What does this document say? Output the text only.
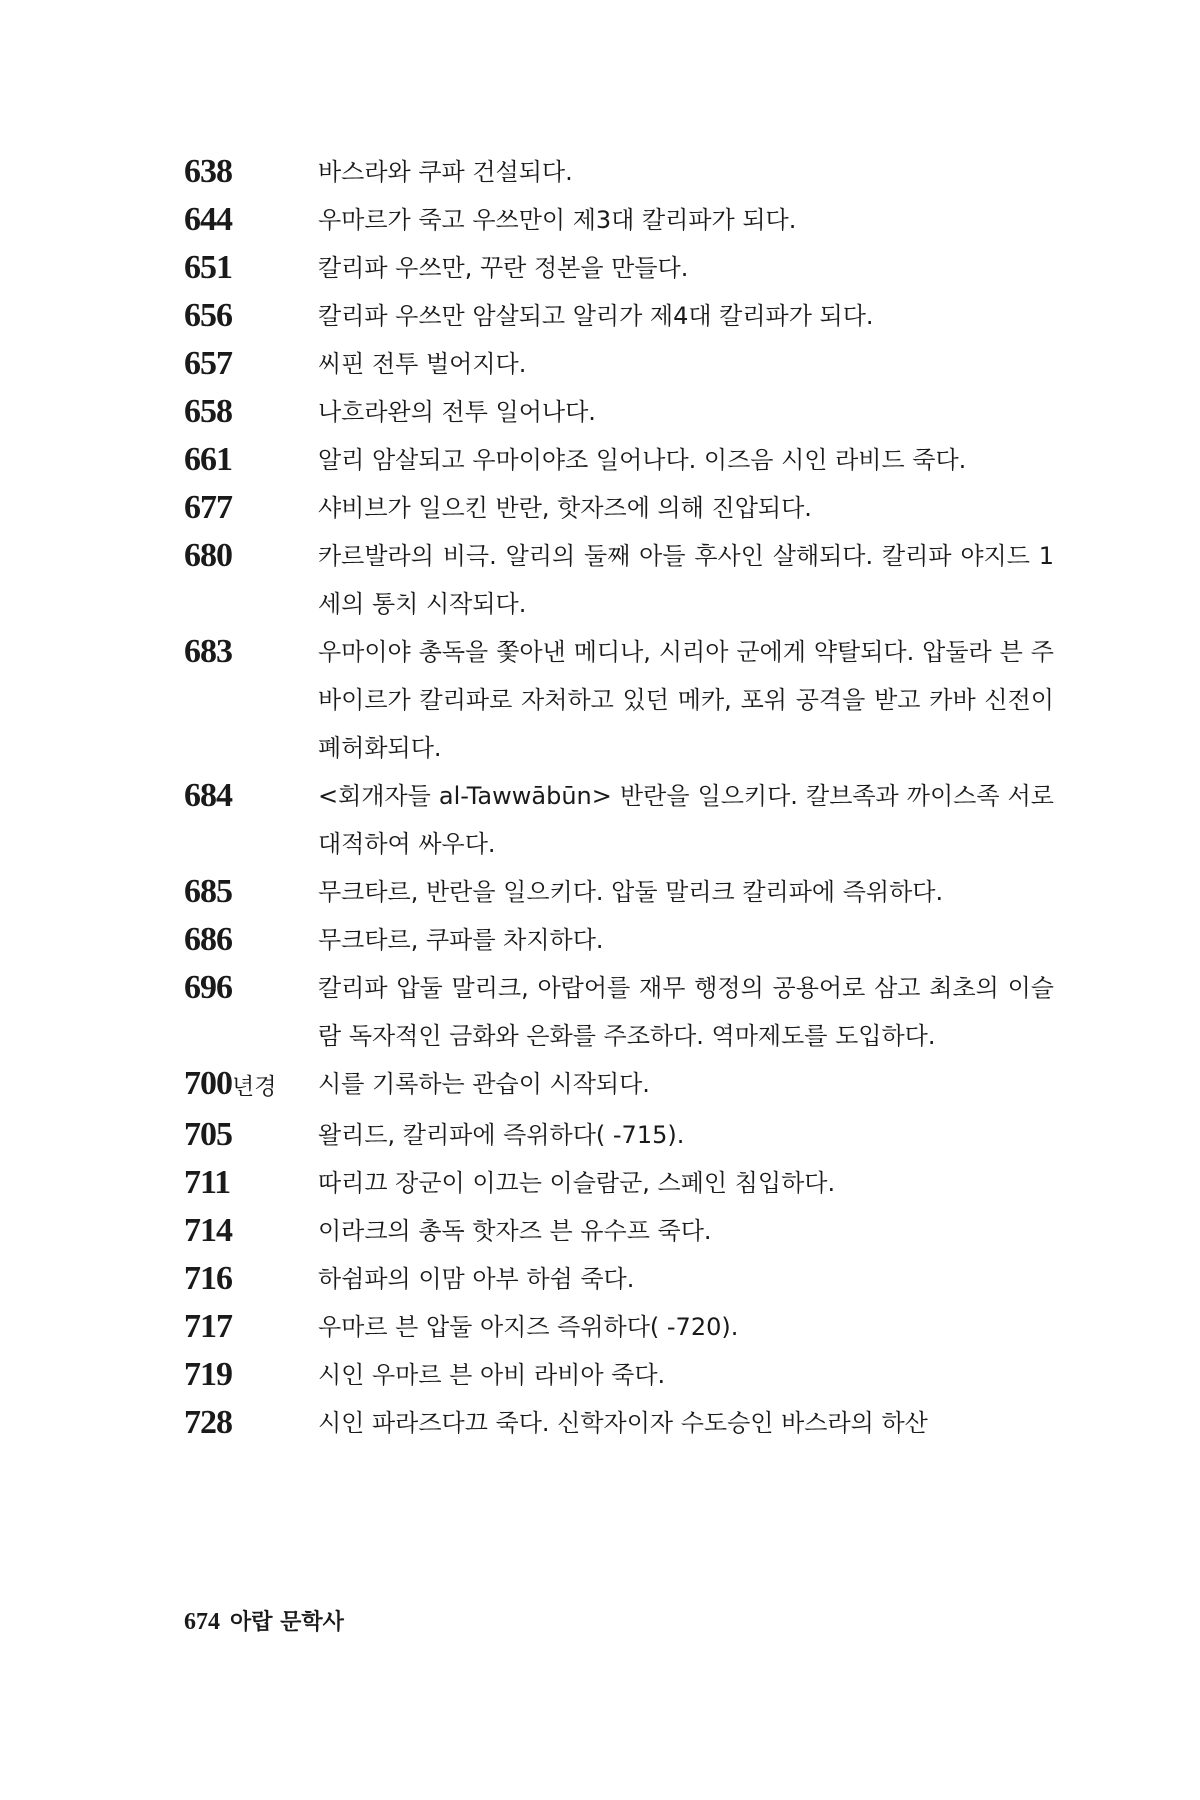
638	바스라와 쿠파 건설되다.
644	우마르가 죽고 우쓰만이 제3대 칼리파가 되다.
651	칼리파 우쓰만, 꾸란 정본을 만들다.
656	칼리파 우쓰만 암살되고 알리가 제4대 칼리파가 되다.
657	씨핀 전투 벌어지다.
658	나흐라완의 전투 일어나다.
661	알리 암살되고 우마이야조 일어나다. 이즈음 시인 라비드 죽다.
677	샤비브가 일으킨 반란, 핫자즈에 의해 진압되다.
680	카르발라의 비극. 알리의 둘째 아들 후사인 살해되다. 칼리파 야지드 1세의 통치 시작되다.
683	우마이야 총독을 쫓아낸 메디나, 시리아 군에게 약탈되다. 압둘라 븐 주바이르가 칼리파로 자처하고 있던 메카, 포위 공격을 받고 카바 신전이 폐허화되다.
684	<회개자들 al-Tawwābūn> 반란을 일으키다. 칼브족과 까이스족 서로 대적하여 싸우다.
685	무크타르, 반란을 일으키다. 압둘 말리크 칼리파에 즉위하다.
686	무크타르, 쿠파를 차지하다.
696	칼리파 압둘 말리크, 아랍어를 재무 행정의 공용어로 삼고 최초의 이슬람 독자적인 금화와 은화를 주조하다. 역마제도를 도입하다.
700년경	시를 기록하는 관습이 시작되다.
705	왈리드, 칼리파에 즉위하다( -715).
711	따리끄 장군이 이끄는 이슬람군, 스페인 침입하다.
714	이라크의 총독 핫자즈 븐 유수프 죽다.
716	하쉼파의 이맘 아부 하쉼 죽다.
717	우마르 븐 압둘 아지즈 즉위하다( -720).
719	시인 우마르 븐 아비 라비아 죽다.
728	시인 파라즈다끄 죽다. 신학자이자 수도승인 바스라의 하산
674 아랍 문학사
